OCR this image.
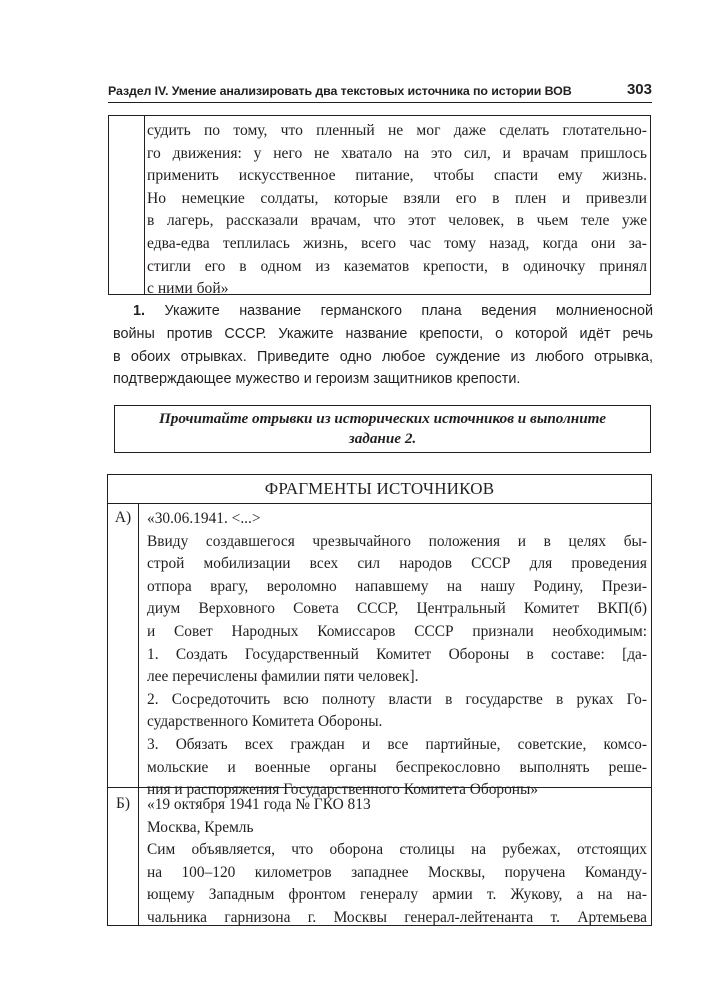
Раздел IV. Умение анализировать два текстовых источника по истории ВОВ	303
судить по тому, что пленный не мог даже сделать глотательно-
го движения: у него не хватало на это сил, и врачам пришлось
применить искусственное питание, чтобы спасти ему жизнь.
Но немецкие солдаты, которые взяли его в плен и привезли
в лагерь, рассказали врачам, что этот человек, в чьем теле уже
едва-едва теплилась жизнь, всего час тому назад, когда они за-
стигли его в одном из казематов крепости, в одиночку принял
с ними бой»
1. Укажите название германского плана ведения молниеносной
войны против СССР. Укажите название крепости, о которой идёт речь
в обоих отрывках. Приведите одно любое суждение из любого отрывка,
подтверждающее мужество и героизм защитников крепости.
Прочитайте отрывки из исторических источников и выполните
задание 2.
ФРАГМЕНТЫ ИСТОЧНИКОВ
А)	«30.06.1941. <...>
Ввиду создавшегося чрезвычайного положения и в целях бы-
строй мобилизации всех сил народов СССР для проведения
отпора врагу, вероломно напавшему на нашу Родину, Прези-
диум Верховного Совета СССР, Центральный Комитет ВКП(б)
и Совет Народных Комиссаров СССР признали необходимым:
1. Создать Государственный Комитет Обороны в составе: [да-
лее перечислены фамилии пяти человек].
2. Сосредоточить всю полноту власти в государстве в руках Го-
сударственного Комитета Обороны.
3. Обязать всех граждан и все партийные, советские, комсо-
мольские и военные органы беспрекословно выполнять реше-
ния и распоряжения Государственного Комитета Обороны»
Б)	«19 октября 1941 года № ГКО 813
Москва, Кремль
Сим объявляется, что оборона столицы на рубежах, отстоящих
на 100–120 километров западнее Москвы, поручена Команду-
ющему Западным фронтом генералу армии т. Жукову, а на на-
чальника гарнизона г. Москвы генерал-лейтенанта т. Артемьева
